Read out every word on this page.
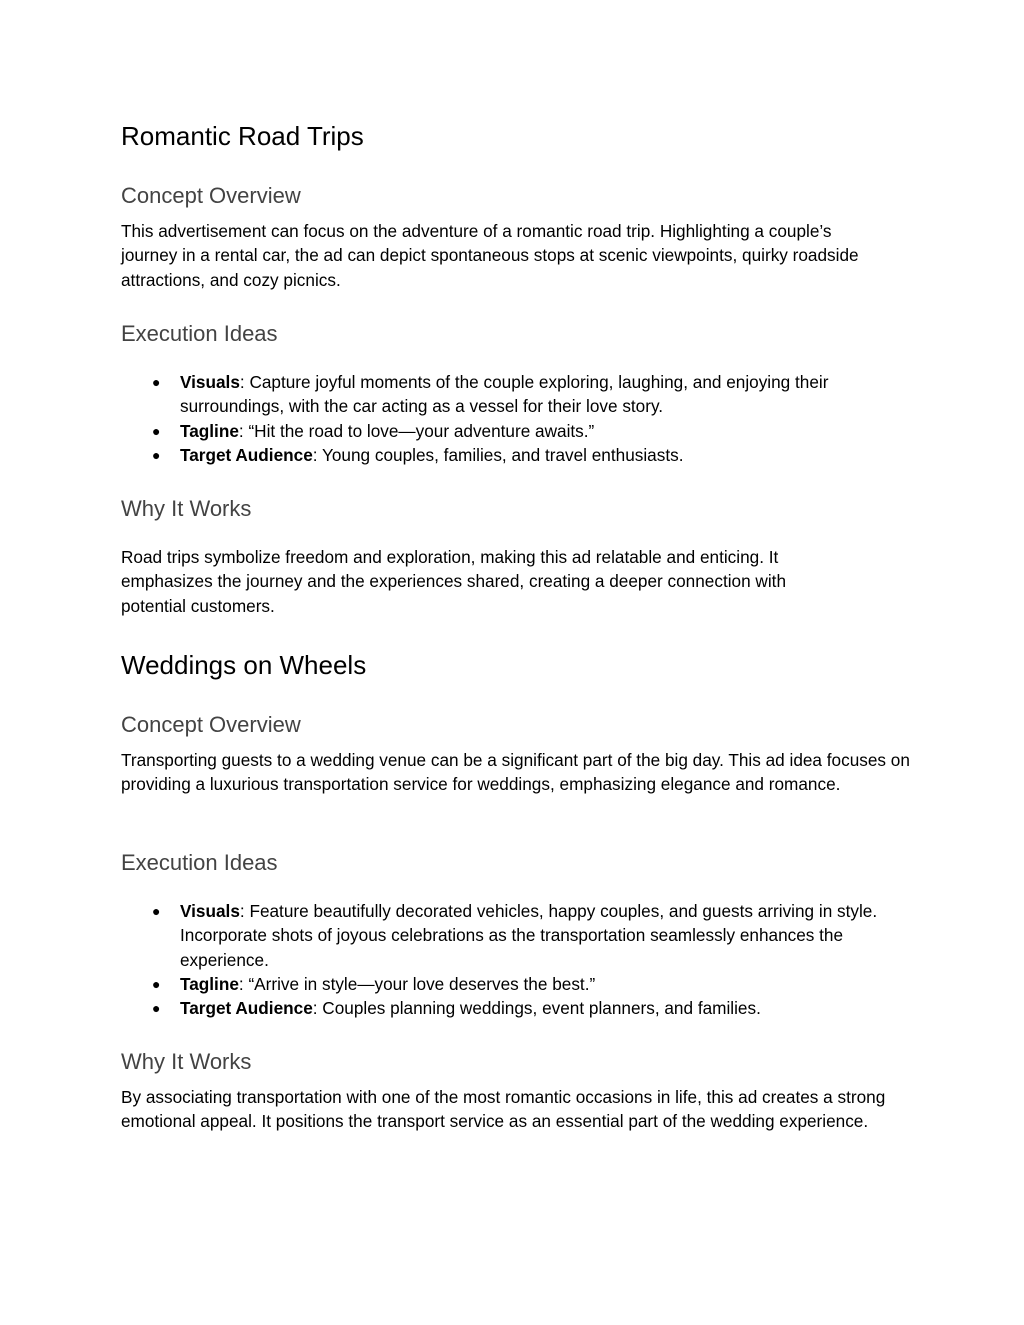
Romantic Road Trips
Concept Overview

This advertisement can focus on the adventure of a romantic road trip. Highlighting a couple’s journey in a rental car, the ad can depict spontaneous stops at scenic viewpoints, quirky roadside attractions, and cozy picnics.

Execution Ideas
● Visuals: Capture joyful moments of the couple exploring, laughing, and enjoying their surroundings, with the car acting as a vessel for their love story.
● Tagline: “Hit the road to love—your adventure awaits.”
● Target Audience: Young couples, families, and travel enthusiasts.
Why It Works

Road trips symbolize freedom and exploration, making this ad relatable and enticing. It emphasizes the journey and the experiences shared, creating a deeper connection with potential customers.

Weddings on Wheels
Concept Overview

Transporting guests to a wedding venue can be a significant part of the big day. This ad idea focuses on providing a luxurious transportation service for weddings, emphasizing elegance and romance.

Execution Ideas
● Visuals: Feature beautifully decorated vehicles, happy couples, and guests arriving in style. Incorporate shots of joyous celebrations as the transportation seamlessly enhances the experience.
● Tagline: “Arrive in style—your love deserves the best.”
● Target Audience: Couples planning weddings, event planners, and families.
Why It Works

By associating transportation with one of the most romantic occasions in life, this ad creates a strong emotional appeal. It positions the transport service as an essential part of the wedding experience.
